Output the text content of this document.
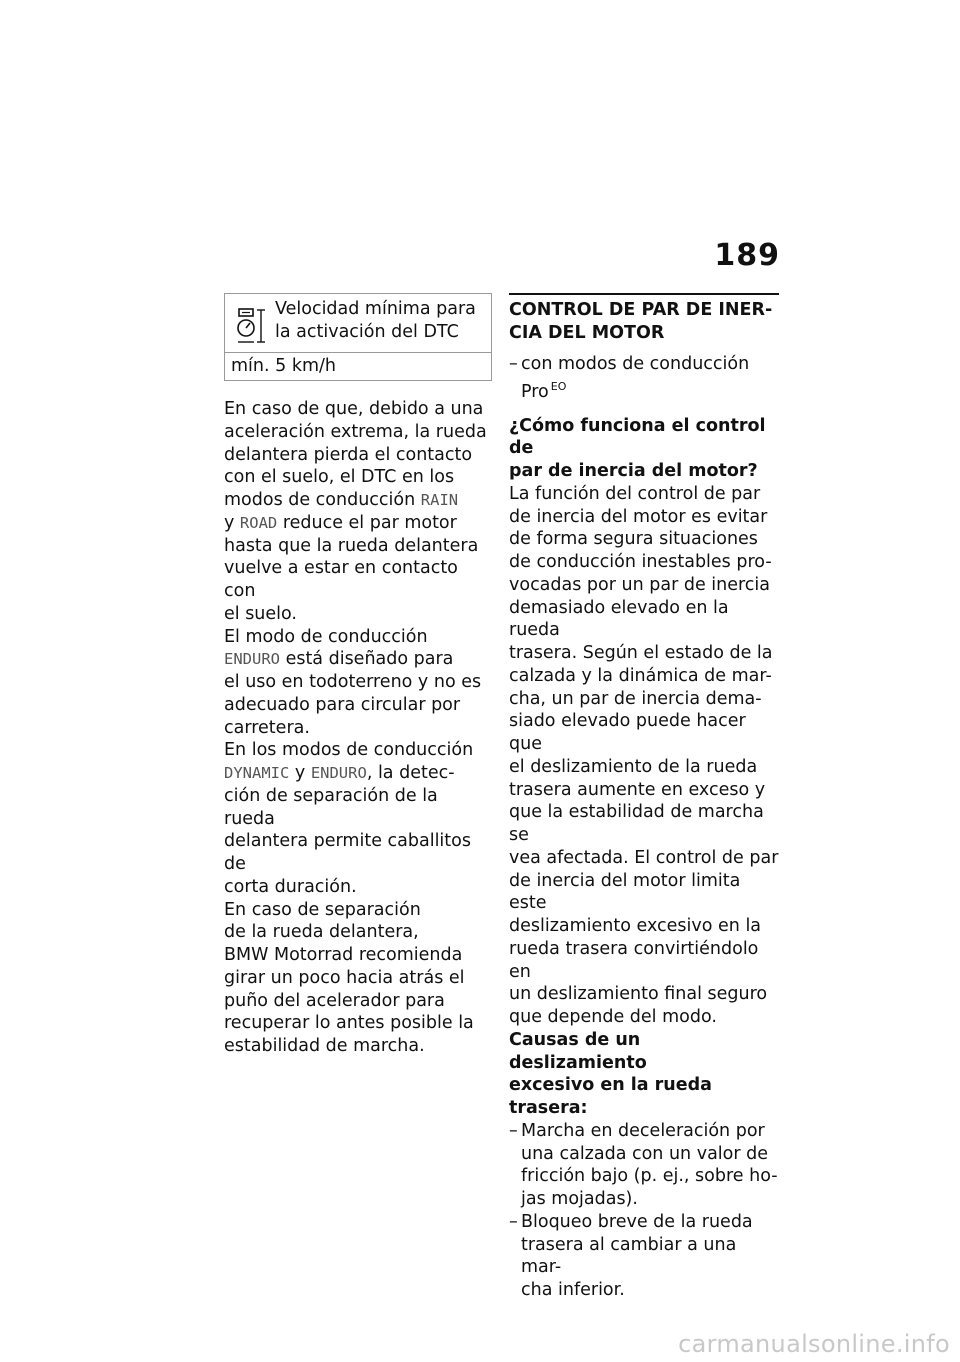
189
Velocidad mínima para
la activación del DTC
mín. 5 km/h

En caso de que, debido a una
aceleración extrema, la rueda
delantera pierda el contacto
con el suelo, el DTC en los
modos de conducción RAIN
y ROAD reduce el par motor
hasta que la rueda delantera
vuelve a estar en contacto con
el suelo.

El modo de conducción
ENDURO está diseñado para
el uso en todoterreno y no es
adecuado para circular por
carretera.

En los modos de conducción
DYNAMIC y ENDURO, la detec-
ción de separación de la rueda
delantera permite caballitos de
corta duración.

En caso de separación
de la rueda delantera,
BMW Motorrad recomienda
girar un poco hacia atrás el
puño del acelerador para
recuperar lo antes posible la
estabilidad de marcha.

CONTROL DE PAR DE INER-
CIA DEL MOTOR
– con modos de conducción
Pro $^{EO}$
¿Cómo funciona el control de
par de inercia del motor?

La función del control de par
de inercia del motor es evitar
de forma segura situaciones
de conducción inestables pro-
vocadas por un par de inercia
demasiado elevado en la rueda
trasera. Según el estado de la
calzada y la dinámica de mar-
cha, un par de inercia dema-
siado elevado puede hacer que
el deslizamiento de la rueda
trasera aumente en exceso y
que la estabilidad de marcha se
vea afectada. El control de par
de inercia del motor limita este
deslizamiento excesivo en la
rueda trasera convirtiéndolo en
un deslizamiento final seguro
que depende del modo.

Causas de un deslizamiento
excesivo en la rueda trasera:
– Marcha en deceleración por
una calzada con un valor de
fricción bajo (p. ej., sobre ho-
jas mojadas).
– Bloqueo breve de la rueda
trasera al cambiar a una mar-
cha inferior.
carmanualsonline.info
